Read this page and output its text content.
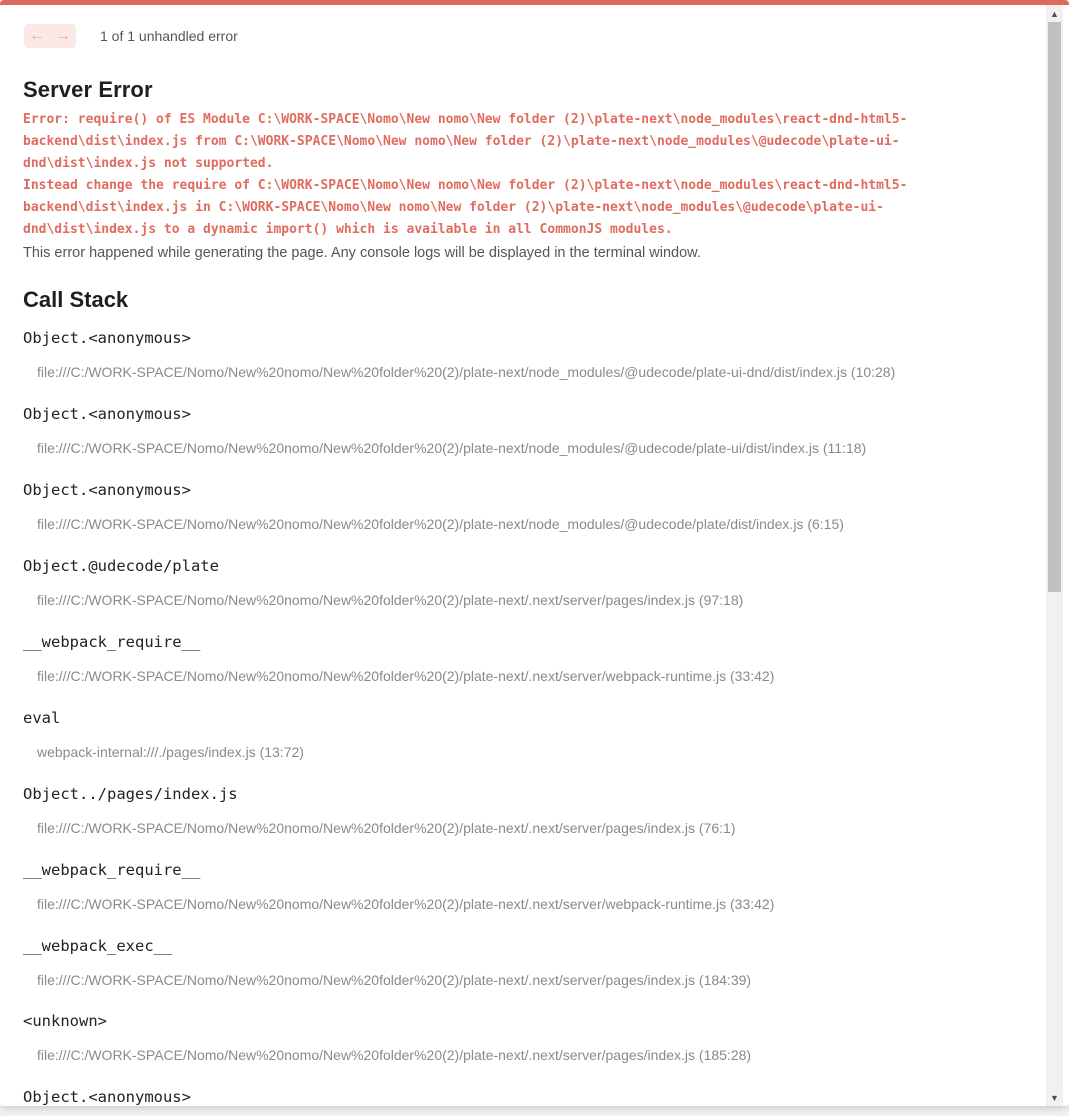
← → 1 of 1 unhandled error
Server Error
Error: require() of ES Module C:\WORK-SPACE\Nomo\New nomo\New folder (2)\plate-next\node_modules\react-dnd-html5-
backend\dist\index.js from C:\WORK-SPACE\Nomo\New nomo\New folder (2)\plate-next\node_modules\@udecode\plate-ui-
dnd\dist\index.js not supported.
Instead change the require of C:\WORK-SPACE\Nomo\New nomo\New folder (2)\plate-next\node_modules\react-dnd-html5-
backend\dist\index.js in C:\WORK-SPACE\Nomo\New nomo\New folder (2)\plate-next\node_modules\@udecode\plate-ui-
dnd\dist\index.js to a dynamic import() which is available in all CommonJS modules.
This error happened while generating the page. Any console logs will be displayed in the terminal window.
Call Stack
Object.<anonymous>
file:///C:/WORK-SPACE/Nomo/New%20nomo/New%20folder%20(2)/plate-next/node_modules/@udecode/plate-ui-dnd/dist/index.js (10:28)
Object.<anonymous>
file:///C:/WORK-SPACE/Nomo/New%20nomo/New%20folder%20(2)/plate-next/node_modules/@udecode/plate-ui/dist/index.js (11:18)
Object.<anonymous>
file:///C:/WORK-SPACE/Nomo/New%20nomo/New%20folder%20(2)/plate-next/node_modules/@udecode/plate/dist/index.js (6:15)
Object.@udecode/plate
file:///C:/WORK-SPACE/Nomo/New%20nomo/New%20folder%20(2)/plate-next/.next/server/pages/index.js (97:18)
__webpack_require__
file:///C:/WORK-SPACE/Nomo/New%20nomo/New%20folder%20(2)/plate-next/.next/server/webpack-runtime.js (33:42)
eval
webpack-internal:///./pages/index.js (13:72)
Object../pages/index.js
file:///C:/WORK-SPACE/Nomo/New%20nomo/New%20folder%20(2)/plate-next/.next/server/pages/index.js (76:1)
__webpack_require__
file:///C:/WORK-SPACE/Nomo/New%20nomo/New%20folder%20(2)/plate-next/.next/server/webpack-runtime.js (33:42)
__webpack_exec__
file:///C:/WORK-SPACE/Nomo/New%20nomo/New%20folder%20(2)/plate-next/.next/server/pages/index.js (184:39)
<unknown>
file:///C:/WORK-SPACE/Nomo/New%20nomo/New%20folder%20(2)/plate-next/.next/server/pages/index.js (185:28)
Object.<anonymous>
▲
▼
